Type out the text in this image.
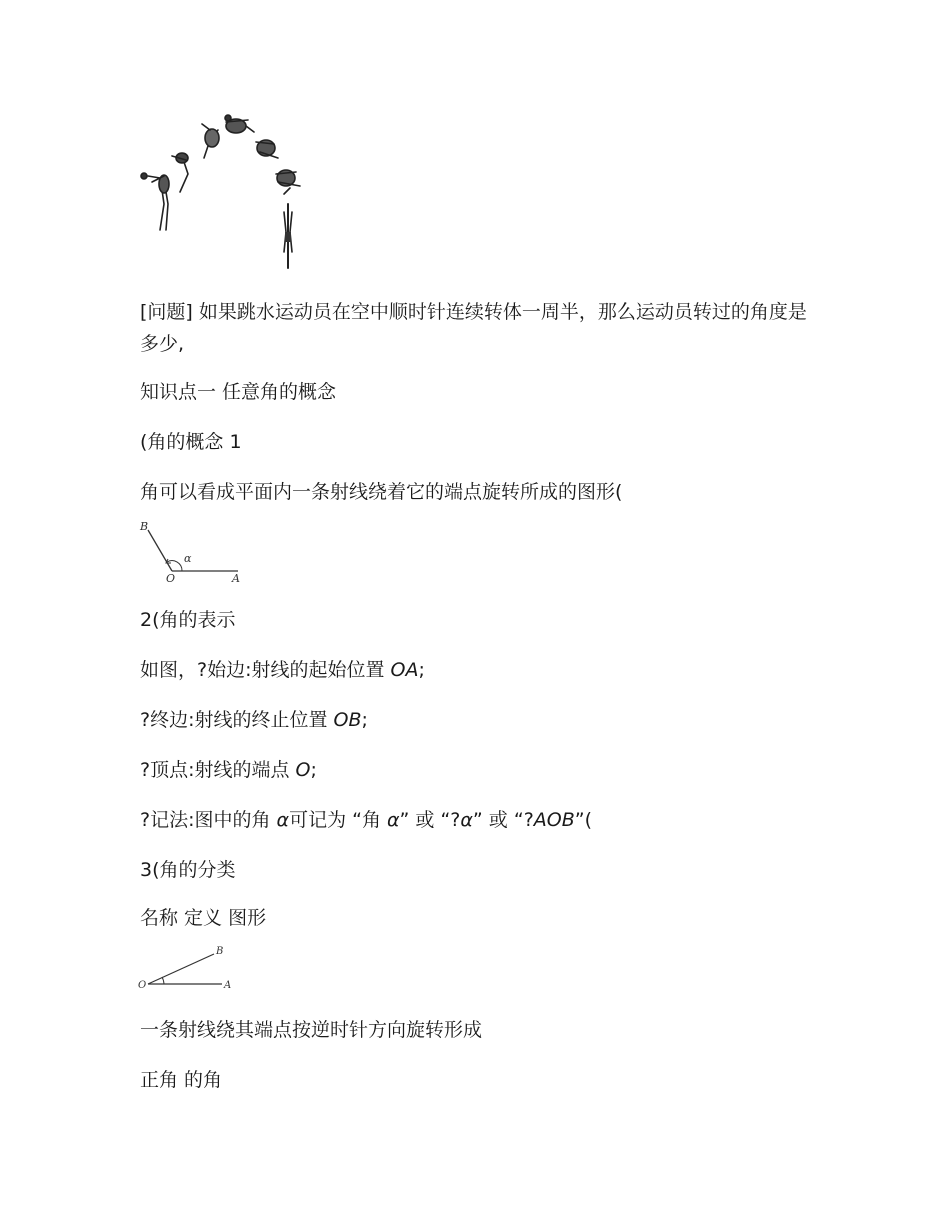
[问题] 如果跳水运动员在空中顺时针连续转体一周半，那么运动员转过的角度是多少,
知识点一 任意角的概念
(角的概念 1
角可以看成平面内一条射线绕着它的端点旋转所成的图形(
B
α
O	A
2(角的表示
如图，?始边:射线的起始位置 OA;
?终边:射线的终止位置 OB;
?顶点:射线的端点 O;
?记法:图中的角 α可记为 “角 α” 或 “?α” 或 “?AOB”(
3(角的分类
名称 定义 图形
O
B
A
一条射线绕其端点按逆时针方向旋转形成
正角 的角
